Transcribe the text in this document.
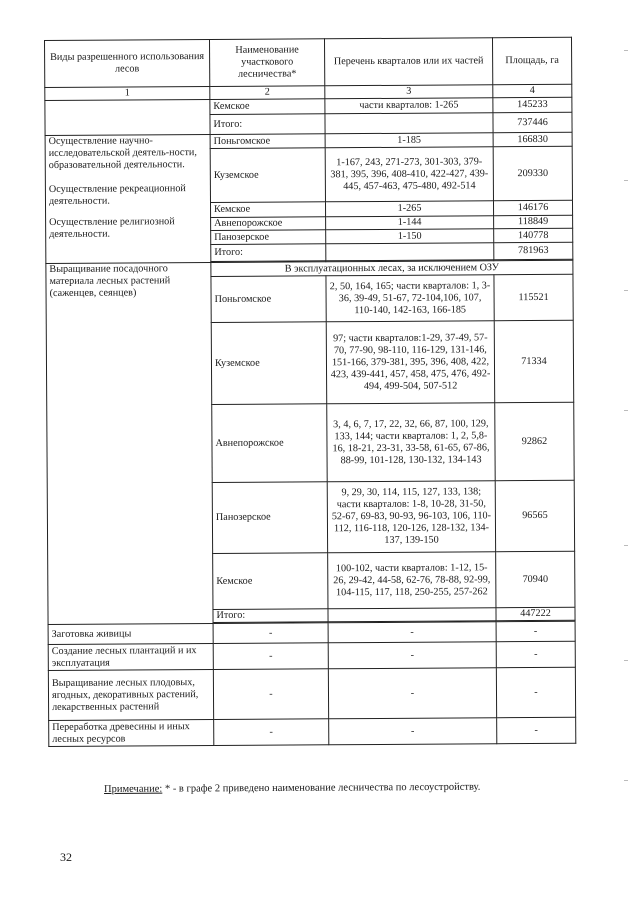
Виды разрешенного использования лесов	Наименование участкового лесничества*	Перечень кварталов или их частей	Площадь, га
1	2	3	4
	Кемское	части кварталов: 1-265	145233
	Итого:		737446

Осуществление научно-исследовательской деятель-ности, образовательной деятельности.

Осуществление рекреационной деятельности.

Осуществление религиозной деятельности.	Поньгомское	1-185	166830
	Куземское	1-167, 243, 271-273, 301-303, 379-381, 395, 396, 408-410, 422-427, 439-445, 457-463, 475-480, 492-514	209330
	Кемское	1-265	146176
	Авнепорожское	1-144	118849
	Панозерское	1-150	140778
	Итого:		781963

Выращивание посадочного материала лесных растений (саженцев, сеянцев)	В эксплуатационных лесах, за исключением ОЗУ		
	Поньгомское	2, 50, 164, 165; части кварталов: 1, 3-36, 39-49, 51-67, 72-104,106, 107, 110-140, 142-163, 166-185	115521
	Куземское	97; части кварталов:1-29, 37-49, 57-70, 77-90, 98-110, 116-129, 131-146, 151-166, 379-381, 395, 396, 408, 422, 423, 439-441, 457, 458, 475, 476, 492-494, 499-504, 507-512	71334
	Авнепорожское	3, 4, 6, 7, 17, 22, 32, 66, 87, 100, 129, 133, 144; части кварталов: 1, 2, 5,8-16, 18-21, 23-31, 33-58, 61-65, 67-86, 88-99, 101-128, 130-132, 134-143	92862
	Панозерское	9, 29, 30, 114, 115, 127, 133, 138; части кварталов: 1-8, 10-28, 31-50, 52-67, 69-83, 90-93, 96-103, 106, 110-112, 116-118, 120-126, 128-132, 134-137, 139-150	96565
	Кемское	100-102, части кварталов: 1-12, 15-26, 29-42, 44-58, 62-76, 78-88, 92-99, 104-115, 117, 118, 250-255, 257-262	70940
	Итого:		447222

Заготовка живицы	-	-	-
Создание лесных плантаций и их эксплуатация	-	-	-
Выращивание лесных плодовых, ягодных, декоративных растений, лекарственных растений	-	-	-
Переработка древесины и иных лесных ресурсов	-	-	-
Примечание: * - в графе 2 приведено наименование лесничества по лесоустройству.
32
